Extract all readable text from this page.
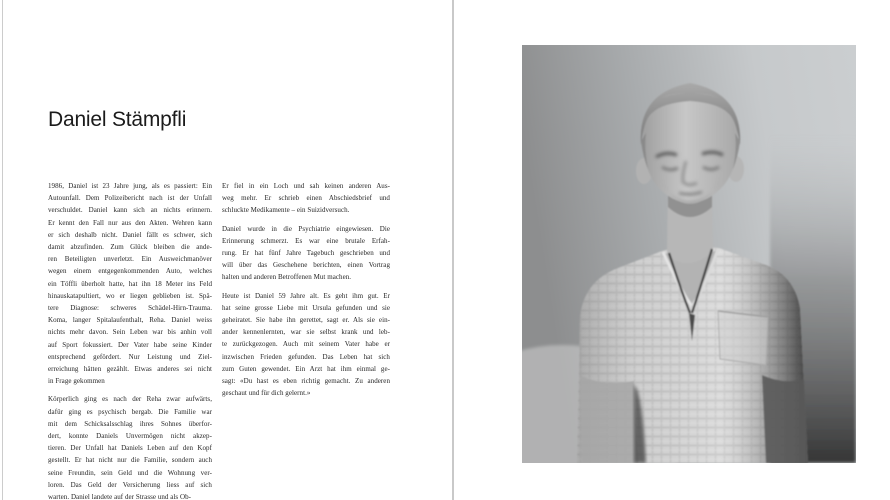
Daniel Stämpfli
1986, Daniel ist 23 Jahre jung, als es passiert: Ein
Autounfall. Dem Polizeibericht nach ist der Unfall
verschuldet. Daniel kann sich an nichts erinnern.
Er kennt den Fall nur aus den Akten. Wehren kann
er sich deshalb nicht. Daniel fällt es schwer, sich
damit abzufinden. Zum Glück bleiben die ande-
ren Beteiligten unverletzt. Ein Ausweichmanöver
wegen einem entgegenkommenden Auto, welches
ein Töffli überholt hatte, hat ihn 18 Meter ins Feld
hinauskatapultiert, wo er liegen geblieben ist. Spä-
tere Diagnose: schweres Schädel-Hirn-Trauma.
Koma, langer Spitalaufenthalt, Reha. Daniel weiss
nichts mehr davon. Sein Leben war bis anhin voll
auf Sport fokussiert. Der Vater habe seine Kinder
entsprechend gefördert. Nur Leistung und Ziel-
erreichung hätten gezählt. Etwas anderes sei nicht
in Frage gekommen
Körperlich ging es nach der Reha zwar aufwärts,
dafür ging es psychisch bergab. Die Familie war
mit dem Schicksalsschlag ihres Sohnes überfor-
dert, konnte Daniels Unvermögen nicht akzep-
tieren. Der Unfall hat Daniels Leben auf den Kopf
gestellt. Er hat nicht nur die Familie, sondern auch
seine Freundin, sein Geld und die Wohnung ver-
loren. Das Geld der Versicherung liess auf sich
warten. Daniel landete auf der Strasse und als Ob-
Er fiel in ein Loch und sah keinen anderen Aus-
weg mehr. Er schrieb einen Abschiedsbrief und
schluckte Medikamente – ein Suizidversuch.
Daniel wurde in die Psychiatrie eingewiesen. Die
Erinnerung schmerzt. Es war eine brutale Erfah-
rung. Er hat fünf Jahre Tagebuch geschrieben und
will über das Geschehene berichten, einen Vortrag
halten und anderen Betroffenen Mut machen.
Heute ist Daniel 59 Jahre alt. Es geht ihm gut. Er
hat seine grosse Liebe mit Ursula gefunden und sie
geheiratet. Sie habe ihn gerettet, sagt er. Als sie ein-
ander kennenlernten, war sie selbst krank und leb-
te zurückgezogen. Auch mit seinem Vater habe er
inzwischen Frieden gefunden. Das Leben hat sich
zum Guten gewendet. Ein Arzt hat ihm einmal ge-
sagt: «Du hast es eben richtig gemacht. Zu anderen
geschaut und für dich gelernt.»
